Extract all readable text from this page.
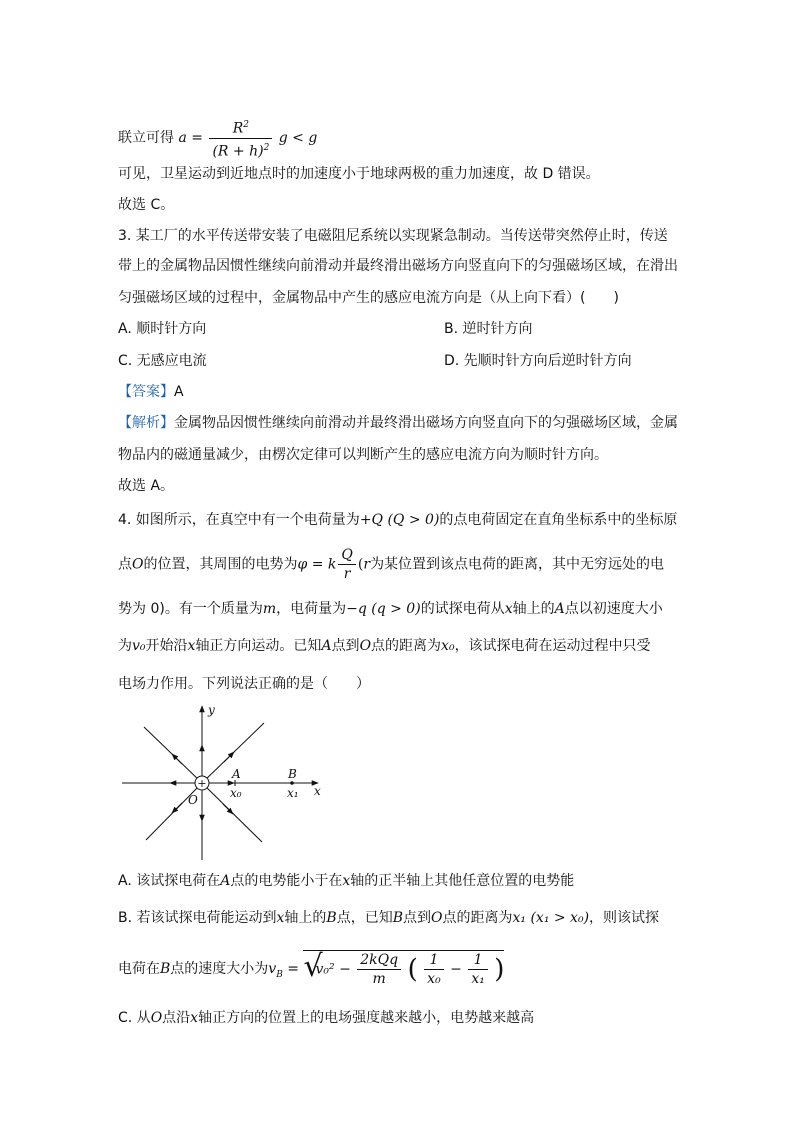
联立可得 $a = \frac{R^2}{(R + h)^2}$ g < g
可见，卫星运动到近地点时的加速度小于地球两极的重力加速度，故 D 错误。
故选 C。
3. 某工厂的水平传送带安装了电磁阻尼系统以实现紧急制动。当传送带突然停止时，传送
带上的金属物品因惯性继续向前滑动并最终滑出磁场方向竖直向下的匀强磁场区域，在滑出
匀强磁场区域的过程中，金属物品中产生的感应电流方向是（从上向下看）(　　)
A. 顺时针方向	B. 逆时针方向
C. 无感应电流	D. 先顺时针方向后逆时针方向
【答案】A
【解析】金属物品因惯性继续向前滑动并最终滑出磁场方向竖直向下的匀强磁场区域，金属
物品内的磁通量减少，由楞次定律可以判断产生的感应电流方向为顺时针方向。
故选 A。
4. 如图所示，在真空中有一个电荷量为+Q (Q > 0)的点电荷固定在直角坐标系中的坐标原
点O的位置，其周围的电势为φ = k $\frac{Q}{r} (r$为某位置到该点电荷的距离，其中无穷远处的电
势为 0)。有一个质量为m，电荷量为−q (q > 0)的试探电荷从x轴上的A点以初速度大小
为v₀开始沿x轴正方向运动。已知A点到O点的距离为x₀，该试探电荷在运动过程中只受
电场力作用。下列说法正确的是（　　）
+
y
x
O
A
x₀
B
x₁
A. 该试探电荷在A点的电势能小于在x轴的正半轴上其他任意位置的电势能
B. 若该试探电荷能运动到x轴上的B点，已知B点到O点的距离为x₁ (x₁ > x₀)，则该试探
电荷在B点的速度大小为$v_B$ = √
$v_0^2 - \frac{\text{2kQq}}{m}$ ( $\frac{1}{\text{x₀}} - \frac{1}{\text{x₁}}$ )
C. 从O点沿x轴正方向的位置上的电场强度越来越小，电势越来越高
